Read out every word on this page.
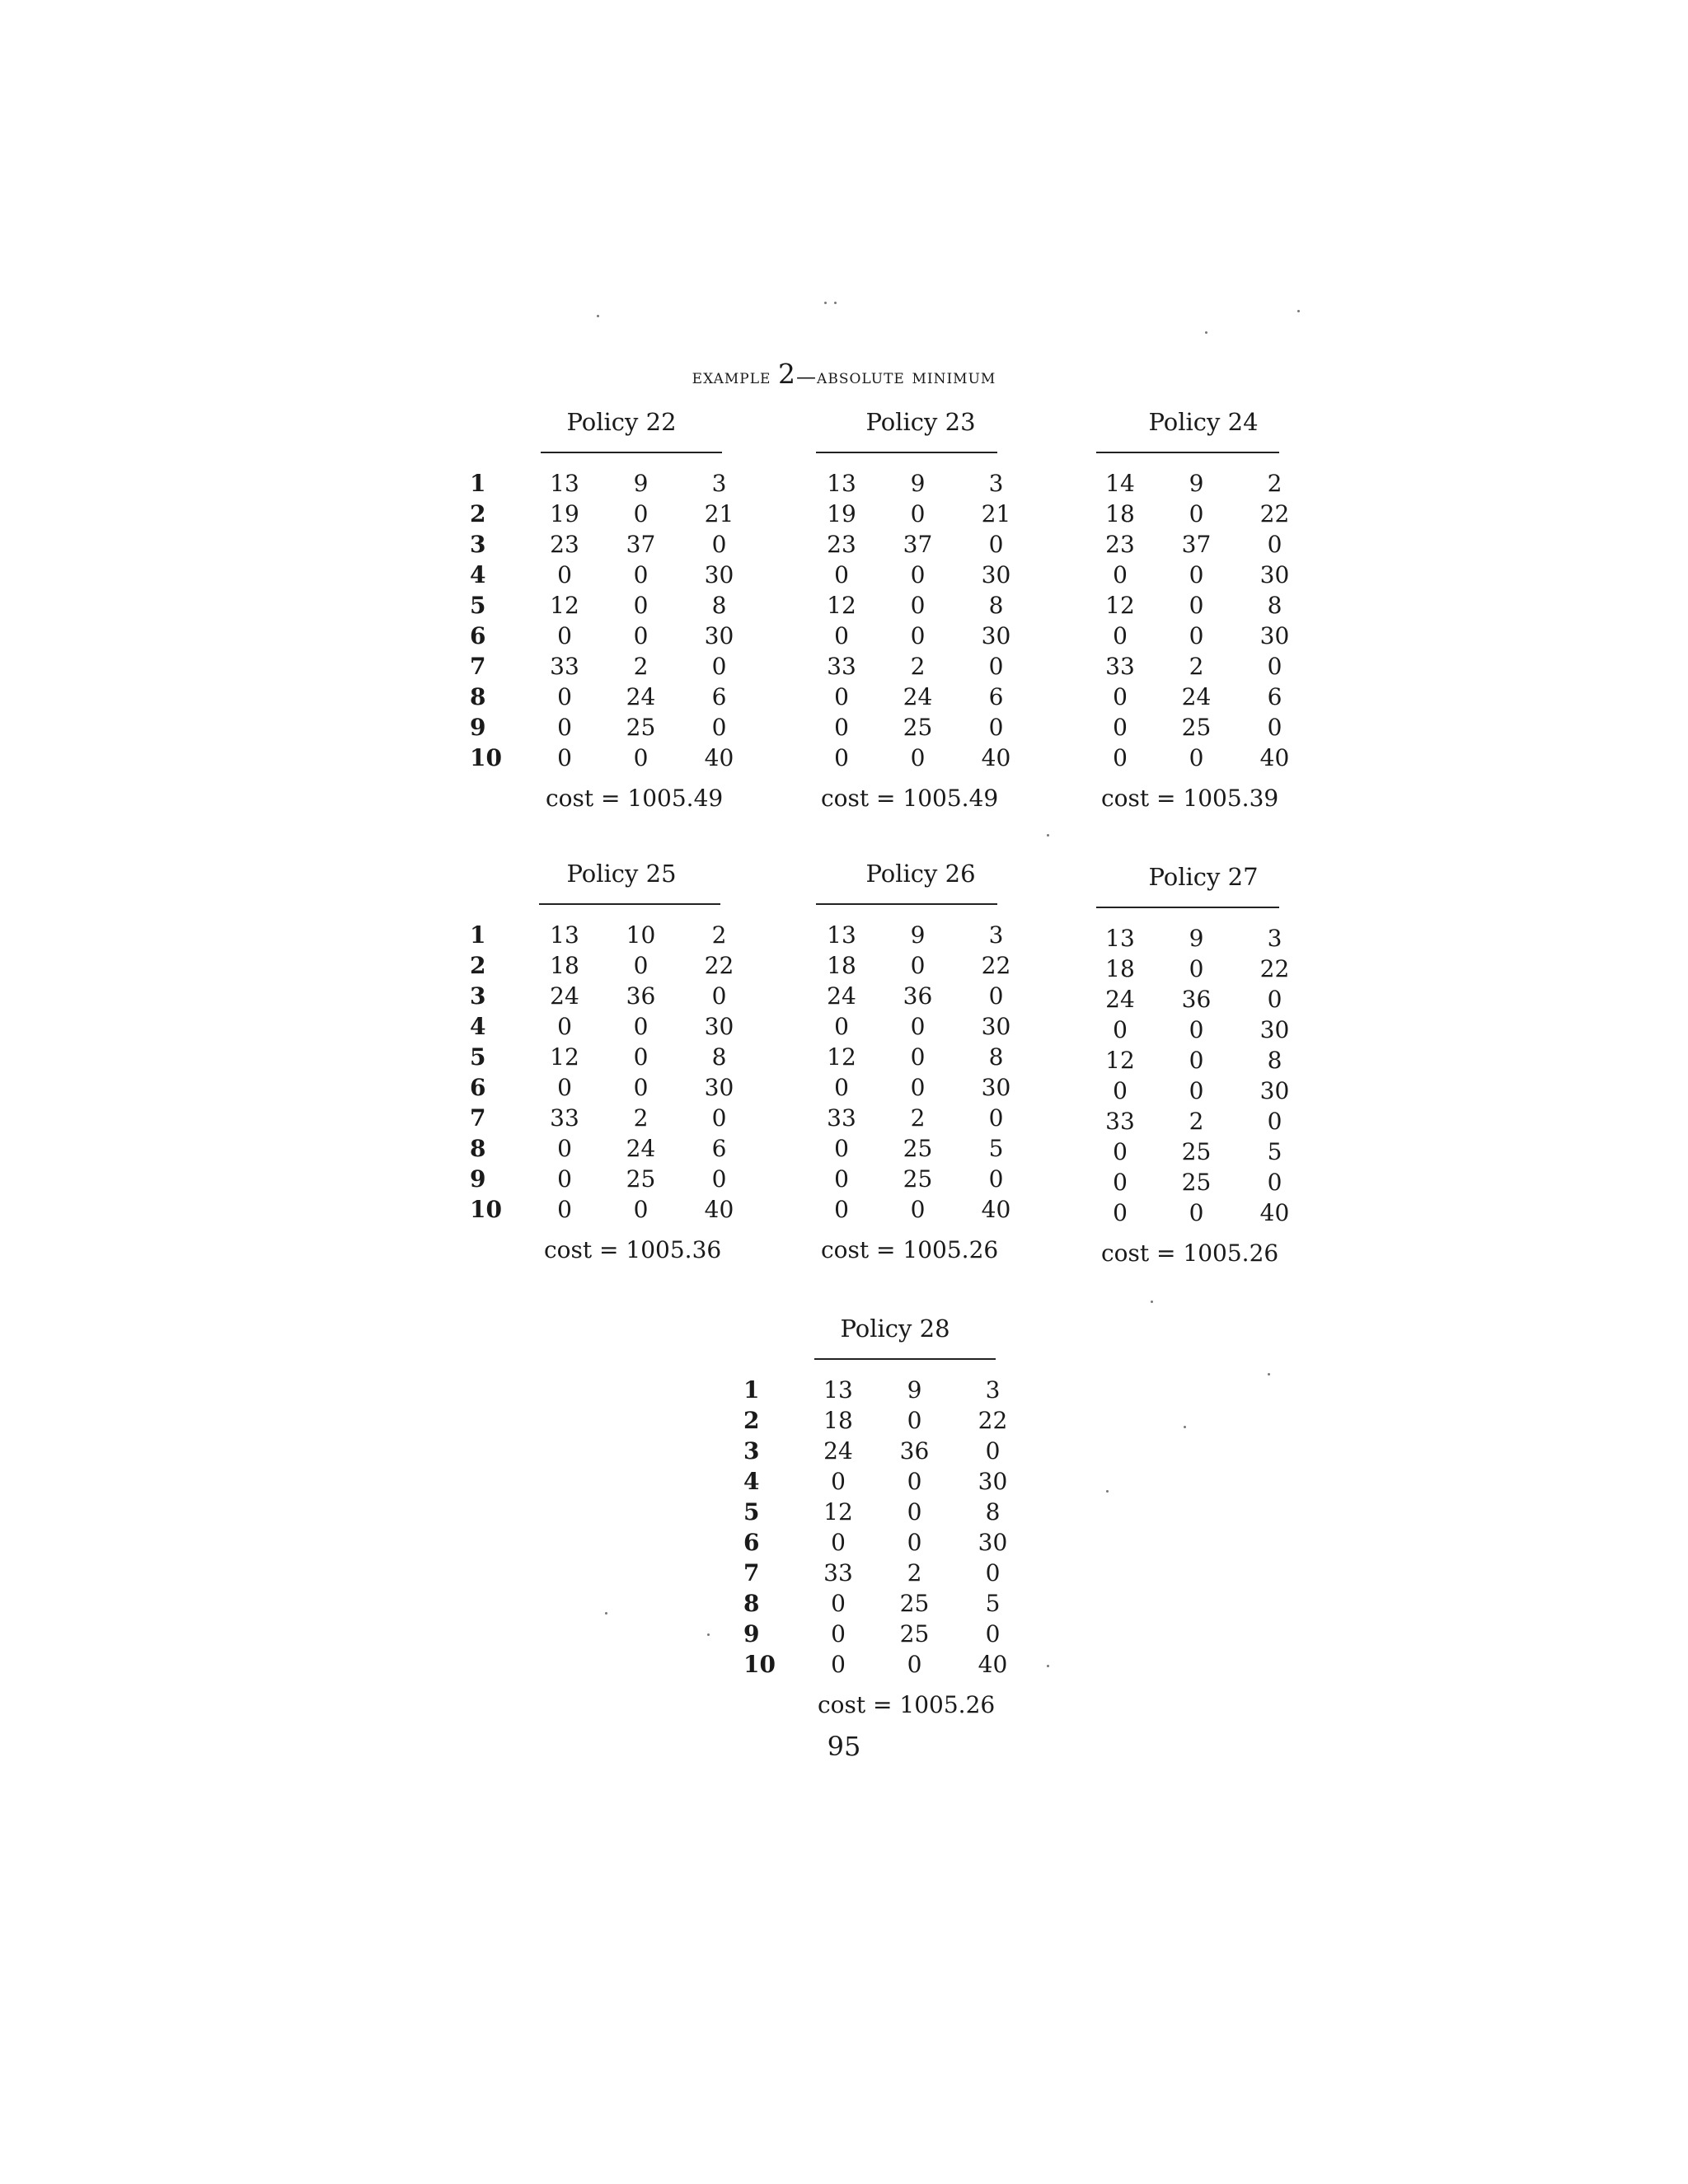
example 2—absolute minimum
Policy 22
cost = 1005.49
1	13	9	3
2	19	0	21
3	23	37	0
4	0	0	30
5	12	0	8
6	0	0	30
7	33	2	0
8	0	24	6
9	0	25	0
10	0	0	40
Policy 23
cost = 1005.49
13	9	3
19	0	21
23	37	0
0	0	30
12	0	8
0	0	30
33	2	0
0	24	6
0	25	0
0	0	40
Policy 24
cost = 1005.39
14	9	2
18	0	22
23	37	0
0	0	30
12	0	8
0	0	30
33	2	0
0	24	6
0	25	0
0	0	40
Policy 25
cost = 1005.36
1	13	10	2
2	18	0	22
3	24	36	0
4	0	0	30
5	12	0	8
6	0	0	30
7	33	2	0
8	0	24	6
9	0	25	0
10	0	0	40
Policy 26
cost = 1005.26
13	9	3
18	0	22
24	36	0
0	0	30
12	0	8
0	0	30
33	2	0
0	25	5
0	25	0
0	0	40
Policy 27
cost = 1005.26
13	9	3
18	0	22
24	36	0
0	0	30
12	0	8
0	0	30
33	2	0
0	25	5
0	25	0
0	0	40
Policy 28
cost = 1005.26
1	13	9	3
2	18	0	22
3	24	36	0
4	0	0	30
5	12	0	8
6	0	0	30
7	33	2	0
8	0	25	5
9	0	25	0
10	0	0	40
95
